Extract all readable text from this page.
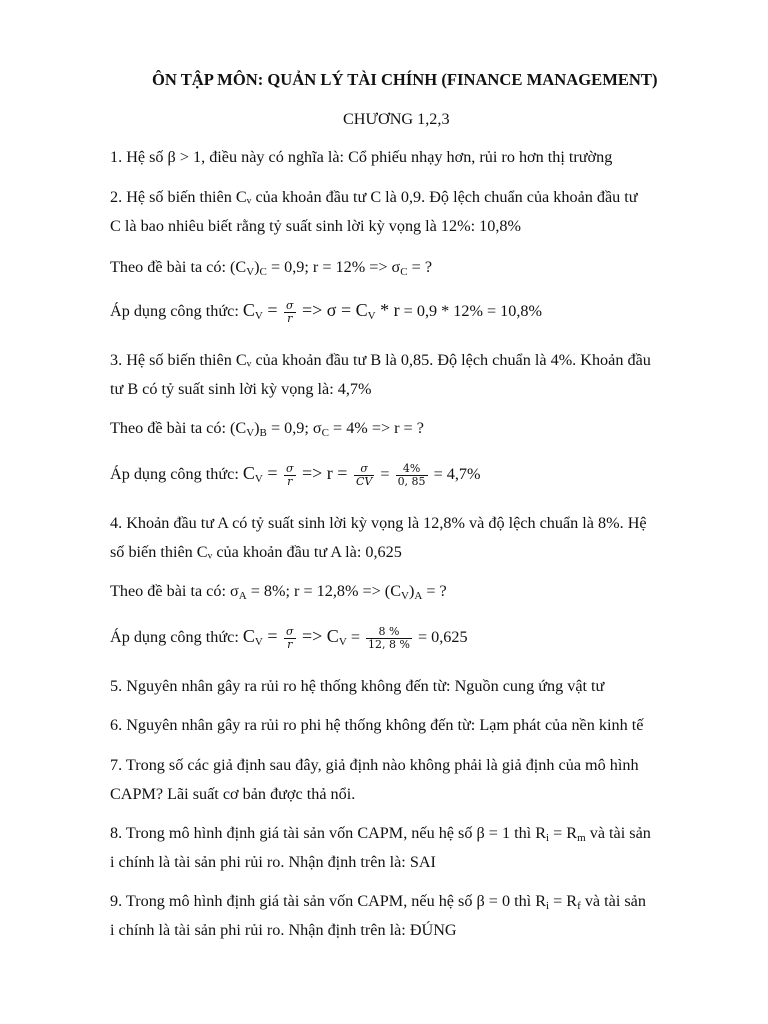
ÔN TẬP MÔN: QUẢN LÝ TÀI CHÍNH (FINANCE MANAGEMENT)
CHƯƠNG 1,2,3
1. Hệ số β > 1, điều này có nghĩa là: Cổ phiếu nhạy hơn, rủi ro hơn thị trường
2. Hệ số biến thiên Cᵥ của khoản đầu tư C là 0,9. Độ lệch chuẩn của khoản đầu tư
C là bao nhiêu biết rằng tỷ suất sinh lời kỳ vọng là 12%: 10,8%
Theo đề bài ta có: $(C_V)_C = 0,9$; $r = 12\% => \sigma_C$ = ?
Áp dụng công thức: $C_V = \frac{\sigma}{r} => \sigma = C_V * r = 0,9 * 12\% = 10,8\%$
3. Hệ số biến thiên Cᵥ của khoản đầu tư B là 0,85. Độ lệch chuẩn là 4%. Khoản đầu
tư B có tỷ suất sinh lời kỳ vọng là: 4,7%
Theo đề bài ta có: $(C_V)_B = 0,9$; $\sigma_C = 4\% => r$ = ?
Áp dụng công thức: $C_V = \frac{\sigma}{r} => r = \frac{\sigma}{CV} = \frac{4\%}{0, 85} = 4,7\%$
4. Khoản đầu tư A có tỷ suất sinh lời kỳ vọng là 12,8% và độ lệch chuẩn là 8%. Hệ
số biến thiên Cᵥ của khoản đầu tư A là: 0,625
Theo đề bài ta có: $\sigma_A = 8\%$; $r = 12,8\% => (C_V)_A$ = ?
Áp dụng công thức: $C_V = \frac{\sigma}{r} => C_V = \frac{8 \%}{12, 8 \%} = 0,625$
5. Nguyên nhân gây ra rủi ro hệ thống không đến từ: Nguồn cung ứng vật tư
6. Nguyên nhân gây ra rủi ro phi hệ thống không đến từ: Lạm phát của nền kinh tế
7. Trong số các giả định sau đây, giả định nào không phải là giả định của mô hình
CAPM? Lãi suất cơ bản được thả nổi.
8. Trong mô hình định giá tài sản vốn CAPM, nếu hệ số β = 1 thì $R_i = R_m$ và tài sản
i chính là tài sản phi rủi ro. Nhận định trên là: SAI
9. Trong mô hình định giá tài sản vốn CAPM, nếu hệ số β = 0 thì $R_i = R_f$ và tài sản
i chính là tài sản phi rủi ro. Nhận định trên là: ĐÚNG
